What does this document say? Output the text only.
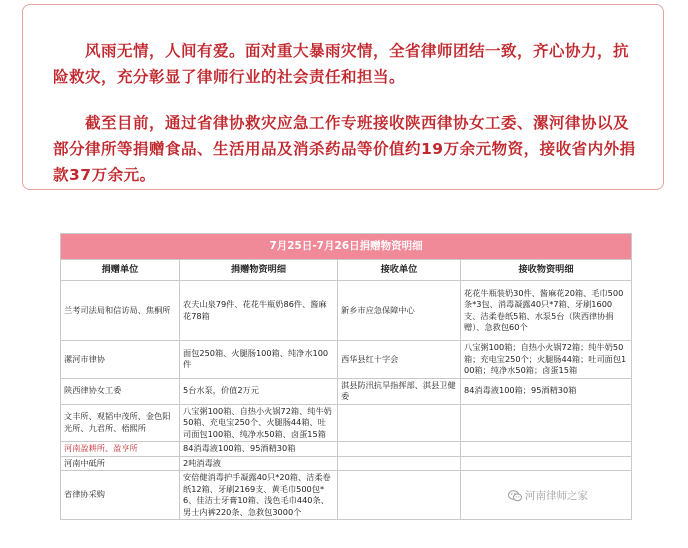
风雨无情，人间有爱。面对重大暴雨灾情，全省律师团结一致，齐心协力，抗险救灾，充分彰显了律师行业的社会责任和担当。

截至目前，通过省律协救灾应急工作专班接收陕西律协女工委、漯河律协以及部分律所等捐赠食品、生活用品及消杀药品等价值约19万余元物资，接收省内外捐款37万余元。

7月25日-7月26日捐赠物资明细			
捐赠单位	捐赠物资明细	接收单位	接收物资明细
兰考司法局和信访局、焦桐所	农夫山泉79件、花花牛瓶奶86件、酱麻花78箱	新乡市应急保障中心	花花牛瓶装奶30件、酱麻花20箱、毛巾500条*3包、消毒凝露40只*7箱、牙刷1600支、洁柔卷纸5箱、水泵5台（陕西律协捐赠）、急救包60个
漯河市律协	面包250箱、火腿肠100箱、纯净水100件	西华县红十字会	八宝粥100箱；自热小火锅72箱；纯牛奶50箱；充电宝250个；火腿肠44箱；吐司面包100箱；纯净水50箱；卤蛋15箱
陕西律协女工委	5台水泵，价值2万元	淇县防汛抗旱指挥部、淇县卫健委	84消毒液100箱；95酒精30箱
文丰所、观韬中茂所、金色阳光所、九君所、梧熙所	八宝粥100箱、自热小火锅72箱、纯牛奶50箱、充电宝250个、火腿肠44箱、吐司面包100箱、纯净水50箱、卤蛋15箱		
河南盈耕所、盈亨所	84消毒液100箱、95酒精30箱		
河南中砥所	2吨消毒液		
省律协采购	安倍健消毒护手凝露40只*20箱、洁柔卷纸12箱、牙刷2169支、黄毛巾500包*6、佳洁士牙膏10箱、浅色毛巾440条、男士内裤220条、急救包3000个		
河南律师之家
